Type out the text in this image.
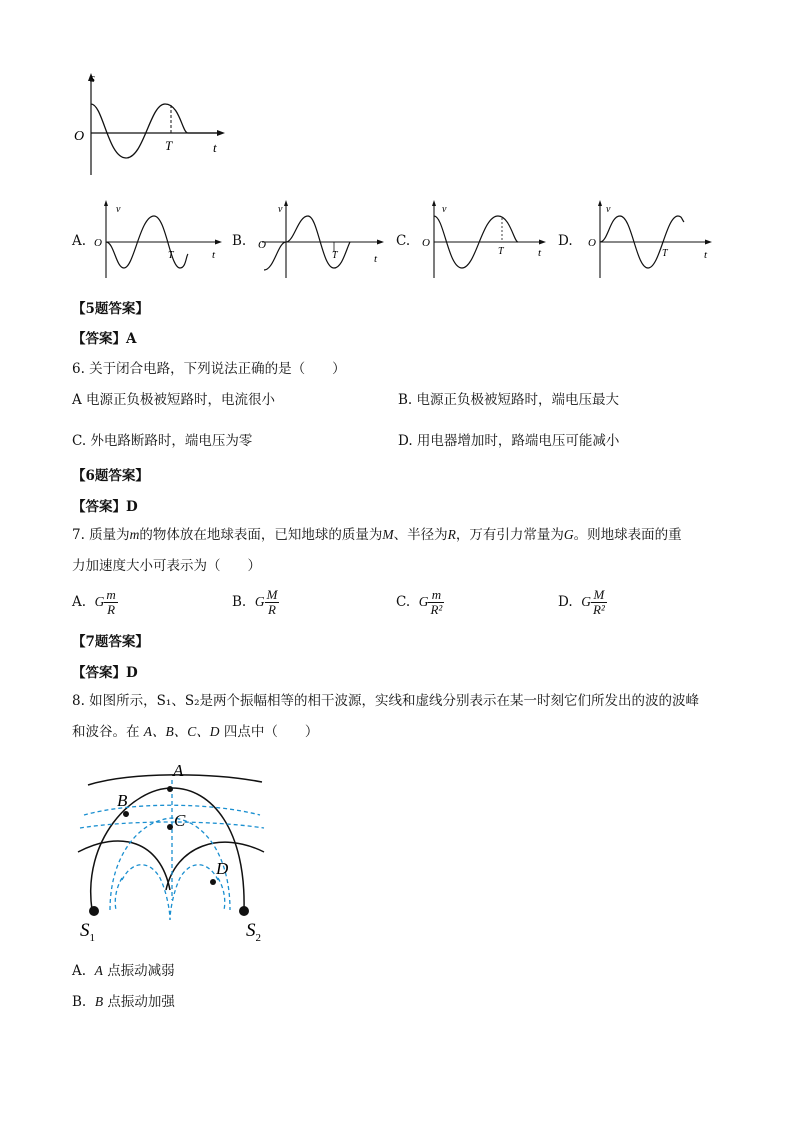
s
O
T	t
A.
v
O
T	t
B.
v
O
T	t
C.
v
O
T	t
D.
v
O
T	t
【5题答案】
【答案】A
6. 关于闭合电路，下列说法正确的是（　　）
A 电源正负极被短路时，电流很小	B. 电源正负极被短路时，端电压最大
C. 外电路断路时，端电压为零	D. 用电器增加时，路端电压可能减小
【6题答案】
【答案】D
7. 质量为m的物体放在地球表面，已知地球的质量为M、半径为R，万有引力常量为G。则地球表面的重
力加速度大小可表示为（　　）
A. G $\frac{m}{R}$	B. G $\frac{M}{R}$	C. G $\frac{m}{\text{R²}}$	D. G $\frac{M}{\text{R²}}$
【7题答案】
【答案】D
8. 如图所示，S₁、S₂是两个振幅相等的相干波源，实线和虚线分别表示在某一时刻它们所发出的波的波峰
和波谷。在 A、B、C、D 四点中（　　）
A
B
C
D
$S_1$	$S_2$
A. A 点振动减弱
B. B 点振动加强
